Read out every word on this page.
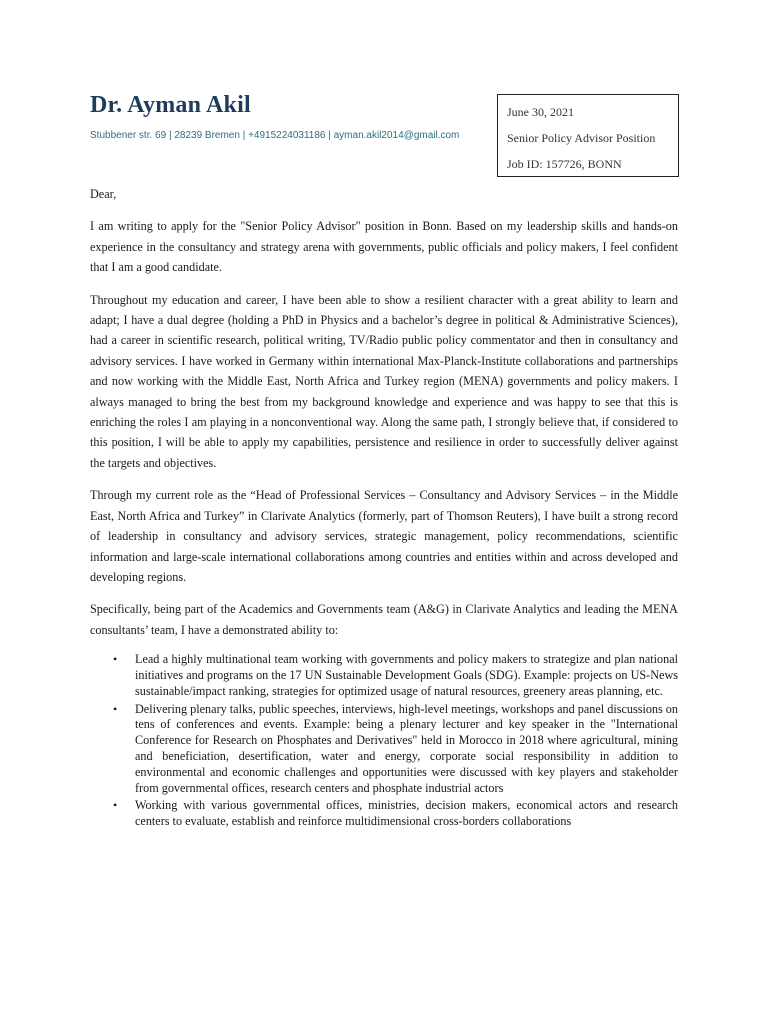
Dr. Ayman Akil
Stubbener str. 69 | 28239 Bremen | +4915224031186 | ayman.akil2014@gmail.com
June 30, 2021
Senior Policy Advisor Position
Job ID: 157726, BONN
Dear,

I am writing to apply for the "Senior Policy Advisor" position in Bonn. Based on my leadership skills and hands-on experience in the consultancy and strategy arena with governments, public officials and policy makers, I feel confident that I am a good candidate.

Throughout my education and career, I have been able to show a resilient character with a great ability to learn and adapt; I have a dual degree (holding a PhD in Physics and a bachelor’s degree in political & Administrative Sciences), had a career in scientific research, political writing, TV/Radio public policy commentator and then in consultancy and advisory services. I have worked in Germany within international Max-Planck-Institute collaborations and partnerships and now working with the Middle East, North Africa and Turkey region (MENA) governments and policy makers. I always managed to bring the best from my background knowledge and experience and was happy to see that this is enriching the roles I am playing in a nonconventional way. Along the same path, I strongly believe that, if considered to this position, I will be able to apply my capabilities, persistence and resilience in order to successfully deliver against the targets and objectives.

Through my current role as the “Head of Professional Services – Consultancy and Advisory Services – in the Middle East, North Africa and Turkey” in Clarivate Analytics (formerly, part of Thomson Reuters), I have built a strong record of leadership in consultancy and advisory services, strategic management, policy recommendations, scientific information and large-scale international collaborations among countries and entities within and across developed and developing regions.

Specifically, being part of the Academics and Governments team (A&G) in Clarivate Analytics and leading the MENA consultants’ team, I have a demonstrated ability to:

• Lead a highly multinational team working with governments and policy makers to strategize and plan national initiatives and programs on the 17 UN Sustainable Development Goals (SDG). Example: projects on US-News sustainable/impact ranking, strategies for optimized usage of natural resources, greenery areas planning, etc.
• Delivering plenary talks, public speeches, interviews, high-level meetings, workshops and panel discussions on tens of conferences and events. Example: being a plenary lecturer and key speaker in the "International Conference for Research on Phosphates and Derivatives" held in Morocco in 2018 where agricultural, mining and beneficiation, desertification, water and energy, corporate social responsibility in addition to environmental and economic challenges and opportunities were discussed with key players and stakeholder from governmental offices, research centers and phosphate industrial actors
• Working with various governmental offices, ministries, decision makers, economical actors and research centers to evaluate, establish and reinforce multidimensional cross-borders collaborations
